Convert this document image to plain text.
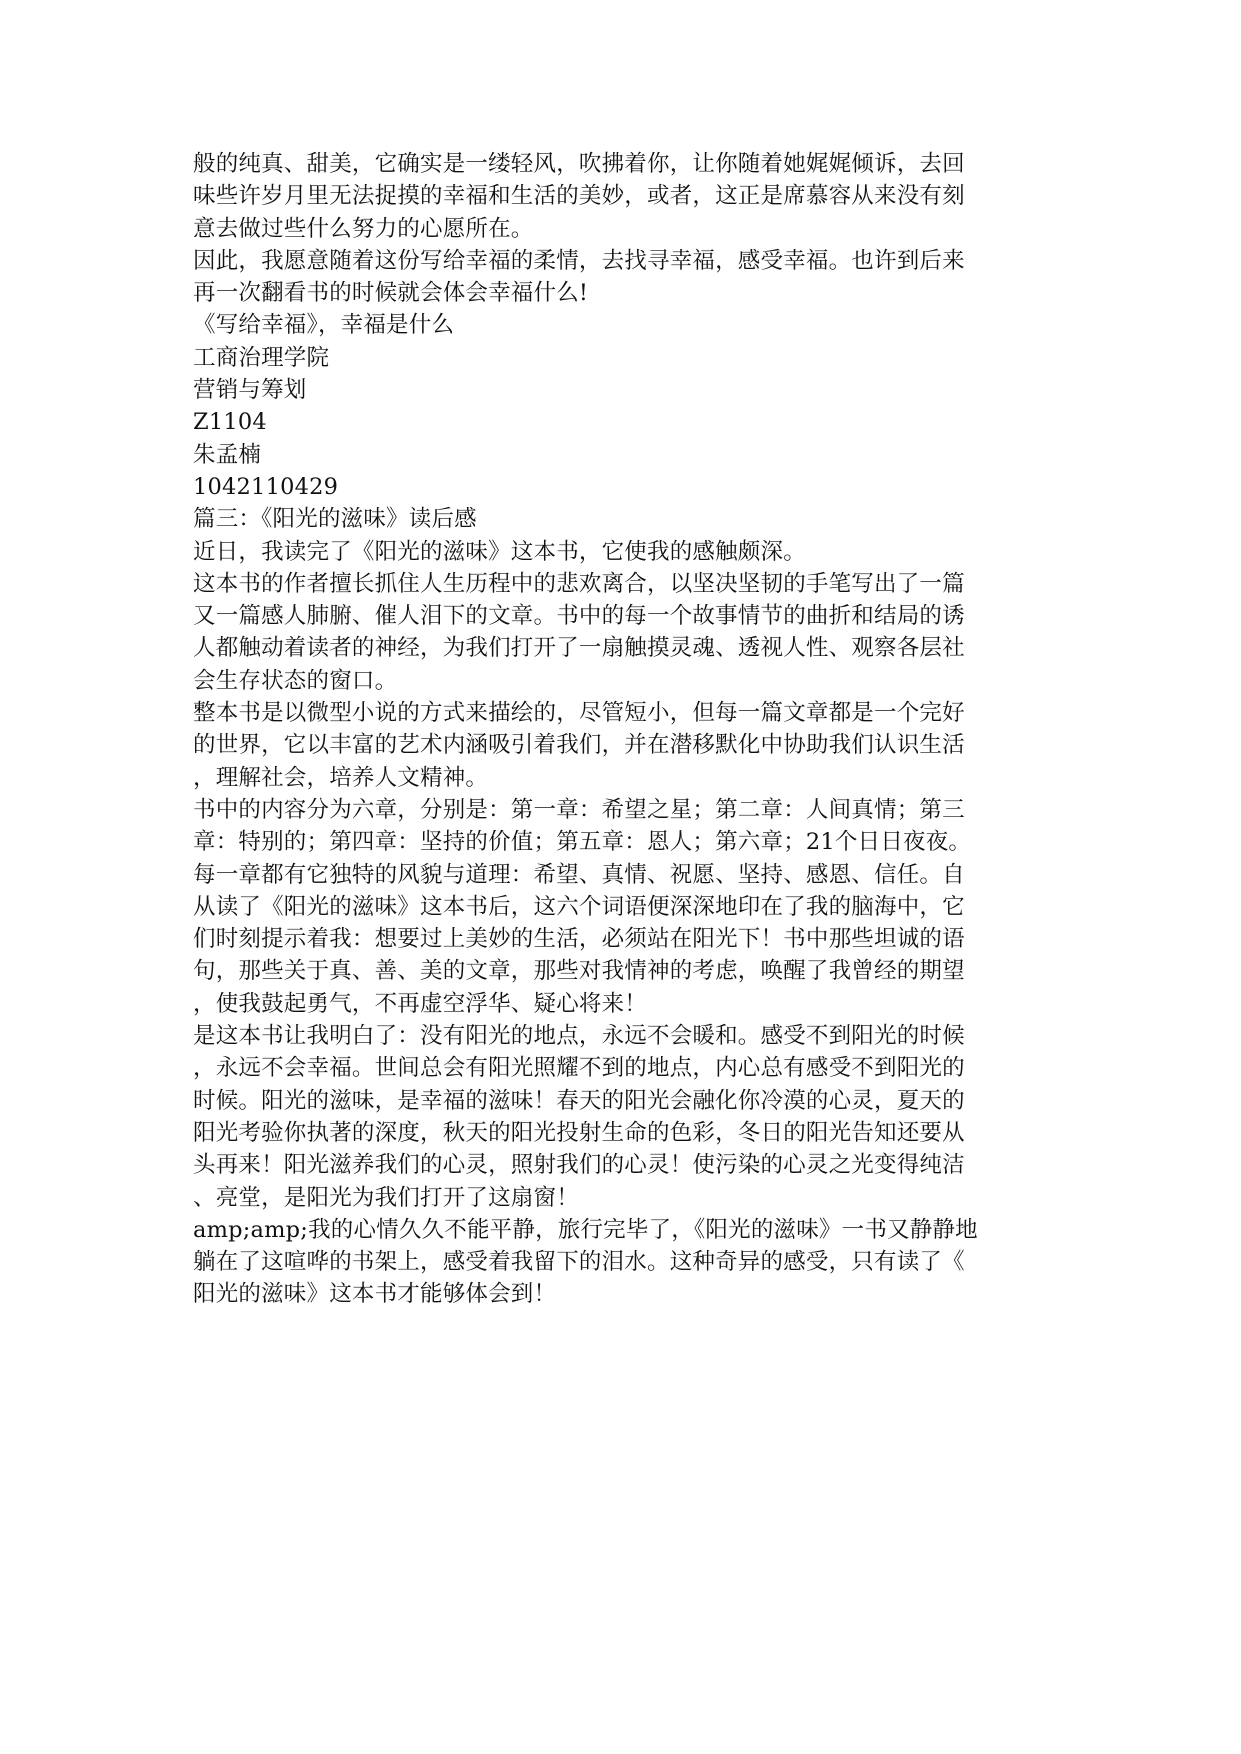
般的纯真、甜美，它确实是一缕轻风，吹拂着你，让你随着她娓娓倾诉，去回
味些许岁月里无法捉摸的幸福和生活的美妙，或者，这正是席慕容从来没有刻
意去做过些什么努力的心愿所在。
因此，我愿意随着这份写给幸福的柔情，去找寻幸福，感受幸福。也许到后来
再一次翻看书的时候就会体会幸福什么!
《写给幸福》，幸福是什么
工商治理学院
营销与筹划
Z1104
朱孟楠
1042110429
篇三：《阳光的滋味》读后感
近日，我读完了《阳光的滋味》这本书，它使我的感触颇深。
这本书的作者擅长抓住人生历程中的悲欢离合，以坚决坚韧的手笔写出了一篇
又一篇感人肺腑、催人泪下的文章。书中的每一个故事情节的曲折和结局的诱
人都触动着读者的神经，为我们打开了一扇触摸灵魂、透视人性、观察各层社
会生存状态的窗口。
整本书是以微型小说的方式来描绘的，尽管短小，但每一篇文章都是一个完好
的世界，它以丰富的艺术内涵吸引着我们，并在潜移默化中协助我们认识生活
，理解社会，培养人文精神。
书中的内容分为六章，分别是：第一章：希望之星；第二章：人间真情；第三
章：特别的；第四章：坚持的价值；第五章：恩人；第六章；21个日日夜夜。
每一章都有它独特的风貌与道理：希望、真情、祝愿、坚持、感恩、信任。自
从读了《阳光的滋味》这本书后，这六个词语便深深地印在了我的脑海中，它
们时刻提示着我：想要过上美妙的生活，必须站在阳光下！书中那些坦诚的语
句，那些关于真、善、美的文章，那些对我情神的考虑，唤醒了我曾经的期望
，使我鼓起勇气，不再虚空浮华、疑心将来！
是这本书让我明白了：没有阳光的地点，永远不会暖和。感受不到阳光的时候
，永远不会幸福。世间总会有阳光照耀不到的地点，内心总有感受不到阳光的
时候。阳光的滋味，是幸福的滋味！春天的阳光会融化你冷漠的心灵，夏天的
阳光考验你执著的深度，秋天的阳光投射生命的色彩，冬日的阳光告知还要从
头再来！阳光滋养我们的心灵，照射我们的心灵！使污染的心灵之光变得纯洁
、亮堂，是阳光为我们打开了这扇窗！
amp;amp;我的心情久久不能平静，旅行完毕了，《阳光的滋味》一书又静静地
躺在了这喧哗的书架上，感受着我留下的泪水。这种奇异的感受，只有读了《
阳光的滋味》这本书才能够体会到！
